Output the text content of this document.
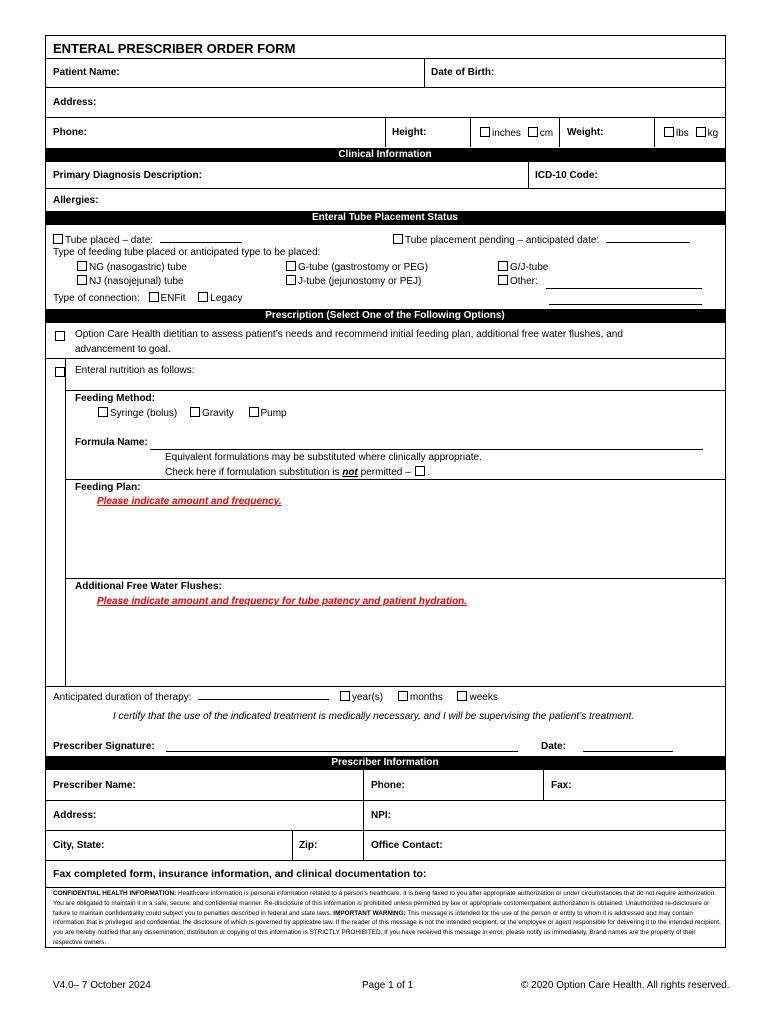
ENTERAL PRESCRIBER ORDER FORM
Patient Name:	Date of Birth:
Address:
Phone:	Height:	inches cm Weight:	lbs kg
Clinical Information
Primary Diagnosis Description:	ICD-10 Code:
Allergies:
Enteral Tube Placement Status
Tube placed – date:	Tube placement pending – anticipated date:
Type of feeding tube placed or anticipated type to be placed:
NG (nasogastric) tube
NJ (nasojejunal) tube
G-tube (gastrostomy or PEG)
J-tube (jejunostomy or PEJ)
G/J-tube
Other:
Type of connection: ENFit Legacy
Prescription (Select One of the Following Options)
Option Care Health dietitian to assess patient’s needs and recommend initial feeding plan, additional free water flushes, and
advancement to goal.
Enteral nutrition as follows:
Feeding Method:
Syringe (bolus) Gravity	Pump
Formula Name:
Equivalent formulations may be substituted where clinically appropriate.
Check here if formulation substitution is not permitted – .
Feeding Plan:
Please indicate amount and frequency.
Additional Free Water Flushes:
Please indicate amount and frequency for tube patency and patient hydration.
Anticipated duration of therapy:	year(s)	months	weeks
I certify that the use of the indicated treatment is medically necessary, and I will be supervising the patient’s treatment.
Prescriber Signature:	Date:
Prescriber Information
Prescriber Name:	Phone:	Fax:
Address:	NPI:
City, State:	Zip:	Office Contact:
Fax completed form, insurance information, and clinical documentation to:
CONFIDENTIAL HEALTH INFORMATION: Healthcare information is personal information related to a person’s healthcare. It is being faxed to you after appropriate authorization or under circumstances that do not require authorization. You are obligated to maintain it in a safe, secure, and confidential manner. Re-disclosure of this information is prohibited unless permitted by law or appropriate customer/patient authorization is obtained. Unauthorized re-disclosure or failure to maintain confidentiality could subject you to penalties described in federal and state laws. IMPORTANT WARNING: This message is intended for the use of the person or entity to whom it is addressed and may contain information that is privileged and confidential, the disclosure of which is governed by applicable law. If the reader of this message is not the intended recipient, or the employee or agent responsible for delivering it to the intended recipient, you are hereby notified that any dissemination, distribution or copying of this information is STRICTLY PROHIBITED. If you have received this message in error, please notify us immediately. Brand names are the property of their respective owners.
V4.0– 7 October 2024	Page 1 of 1	© 2020 Option Care Health. All rights reserved.
